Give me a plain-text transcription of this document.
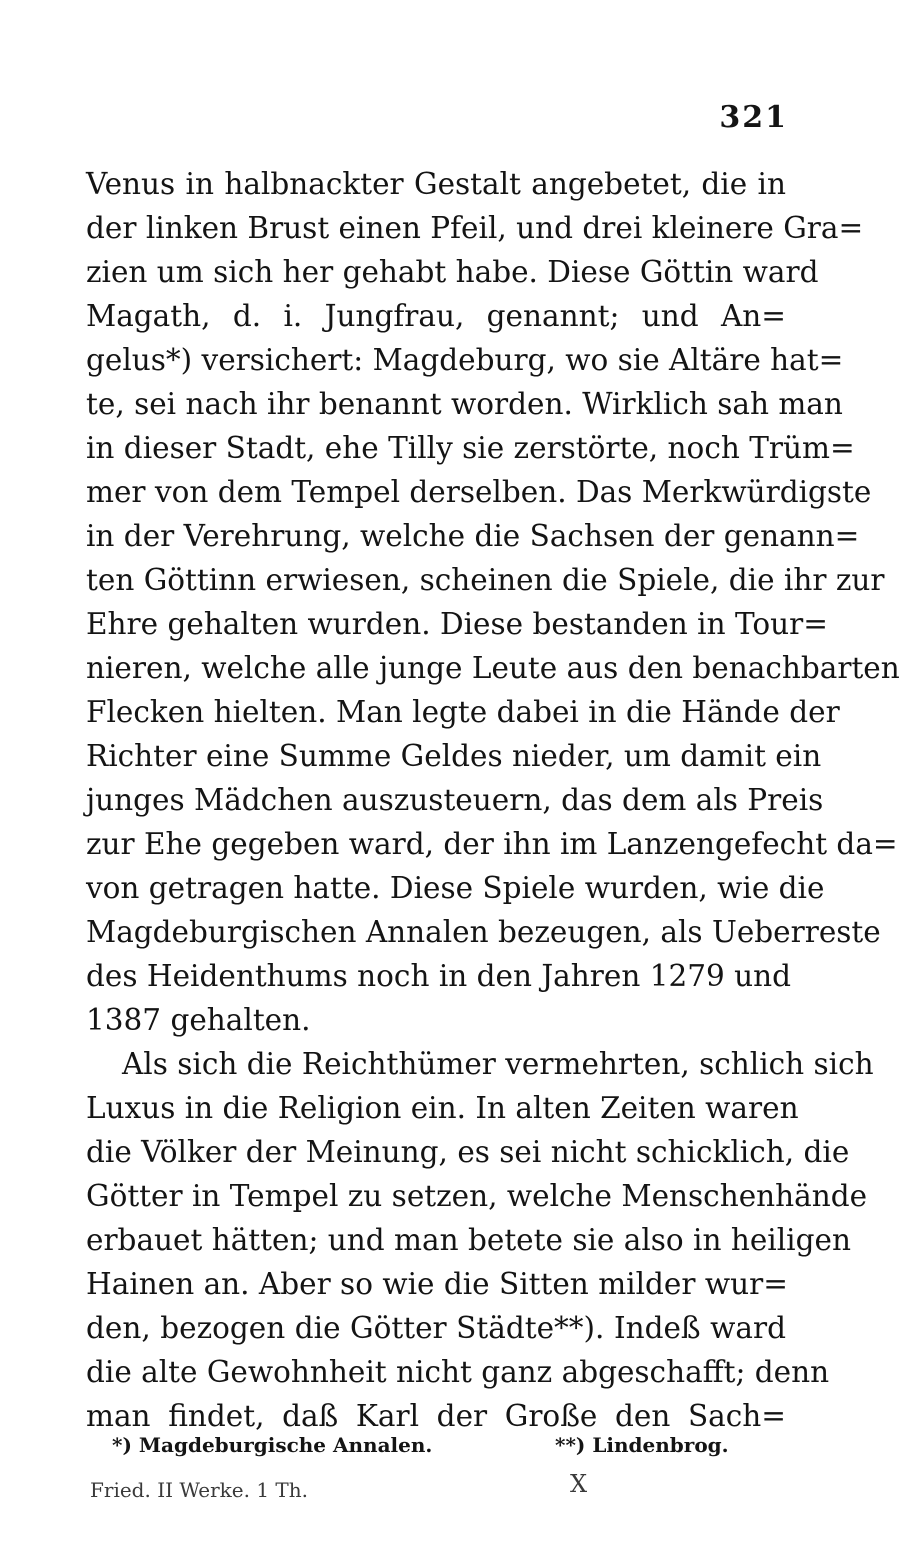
321
Venus in halbnackter Gestalt angebetet, die in
der linken Brust einen Pfeil, und drei kleinere Gra=
zien um sich her gehabt habe. Diese Göttin ward
Magath, d. i. Jungfrau, genannt; und An=
gelus*) versichert: Magdeburg, wo sie Altäre hat=
te, sei nach ihr benannt worden. Wirklich sah man
in dieser Stadt, ehe Tilly sie zerstörte, noch Trüm=
mer von dem Tempel derselben. Das Merkwürdigste
in der Verehrung, welche die Sachsen der genann=
ten Göttinn erwiesen, scheinen die Spiele, die ihr zur
Ehre gehalten wurden. Diese bestanden in Tour=
nieren, welche alle junge Leute aus den benachbarten
Flecken hielten. Man legte dabei in die Hände der
Richter eine Summe Geldes nieder, um damit ein
junges Mädchen auszusteuern, das dem als Preis
zur Ehe gegeben ward, der ihn im Lanzengefecht da=
von getragen hatte. Diese Spiele wurden, wie die
Magdeburgischen Annalen bezeugen, als Ueberreste
des Heidenthums noch in den Jahren 1279 und
1387 gehalten.
Als sich die Reichthümer vermehrten, schlich sich
Luxus in die Religion ein. In alten Zeiten waren
die Völker der Meinung, es sei nicht schicklich, die
Götter in Tempel zu setzen, welche Menschenhände
erbauet hätten; und man betete sie also in heiligen
Hainen an. Aber so wie die Sitten milder wur=
den, bezogen die Götter Städte**). Indeß ward
die alte Gewohnheit nicht ganz abgeschafft; denn
man findet, daß Karl der Große den Sach=
*) Magdeburgische Annalen.	**) Lindenbrog.
Fried. II Werke. 1 Th.	X
